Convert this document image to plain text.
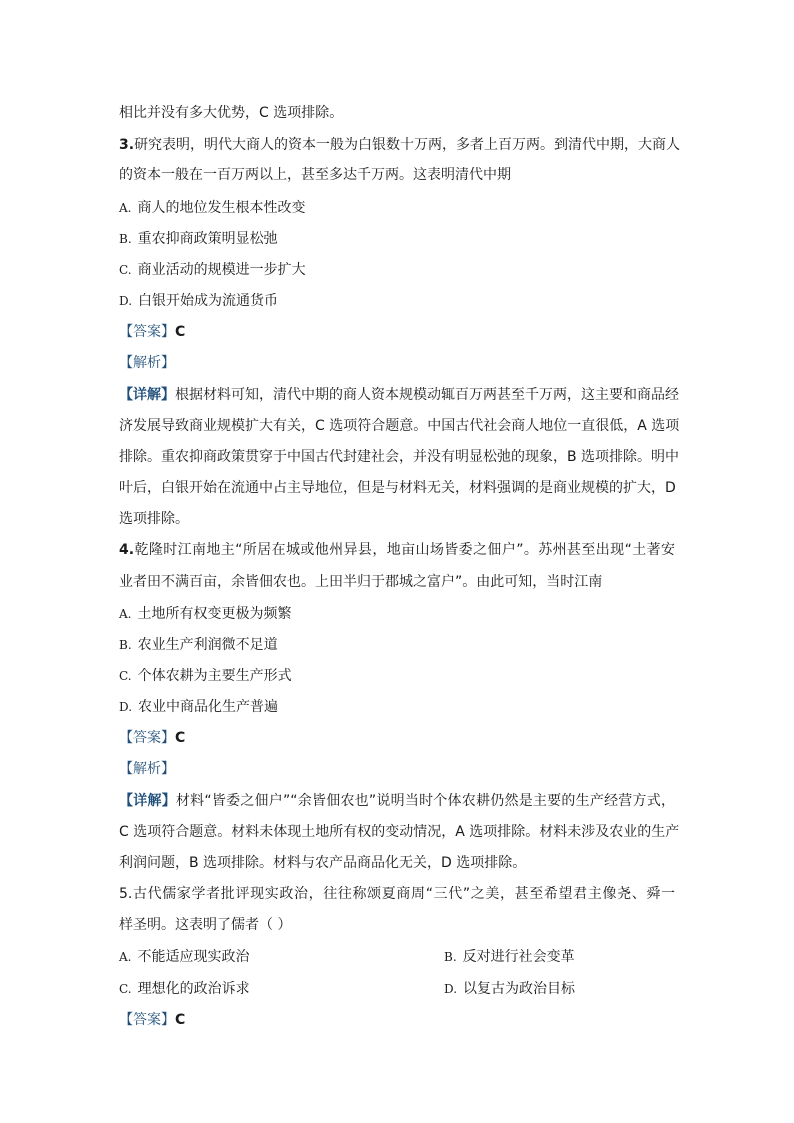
相比并没有多大优势，C 选项排除。
3.研究表明，明代大商人的资本一般为白银数十万两，多者上百万两。到清代中期，大商人
的资本一般在一百万两以上，甚至多达千万两。这表明清代中期
A. 商人的地位发生根本性改变
B. 重农抑商政策明显松弛
C. 商业活动的规模进一步扩大
D. 白银开始成为流通货币
【答案】C
【解析】
【详解】根据材料可知，清代中期的商人资本规模动辄百万两甚至千万两，这主要和商品经
济发展导致商业规模扩大有关，C 选项符合题意。中国古代社会商人地位一直很低，A 选项
排除。重农抑商政策贯穿于中国古代封建社会，并没有明显松弛的现象，B 选项排除。明中
叶后，白银开始在流通中占主导地位，但是与材料无关，材料强调的是商业规模的扩大，D
选项排除。
4.乾隆时江南地主“所居在城或他州异县，地亩山场皆委之佃户”。苏州甚至出现“土著安
业者田不满百亩，余皆佃农也。上田半归于郡城之富户”。由此可知，当时江南
A. 土地所有权变更极为频繁
B. 农业生产利润微不足道
C. 个体农耕为主要生产形式
D. 农业中商品化生产普遍
【答案】C
【解析】
【详解】材料“皆委之佃户”“余皆佃农也”说明当时个体农耕仍然是主要的生产经营方式，
C 选项符合题意。材料未体现土地所有权的变动情况，A 选项排除。材料未涉及农业的生产
利润问题，B 选项排除。材料与农产品商品化无关，D 选项排除。
5.古代儒家学者批评现实政治，往往称颂夏商周“三代”之美，甚至希望君主像尧、舜一
样圣明。这表明了儒者（ ）
A. 不能适应现实政治	B. 反对进行社会变革
C. 理想化的政治诉求	D. 以复古为政治目标
【答案】C
